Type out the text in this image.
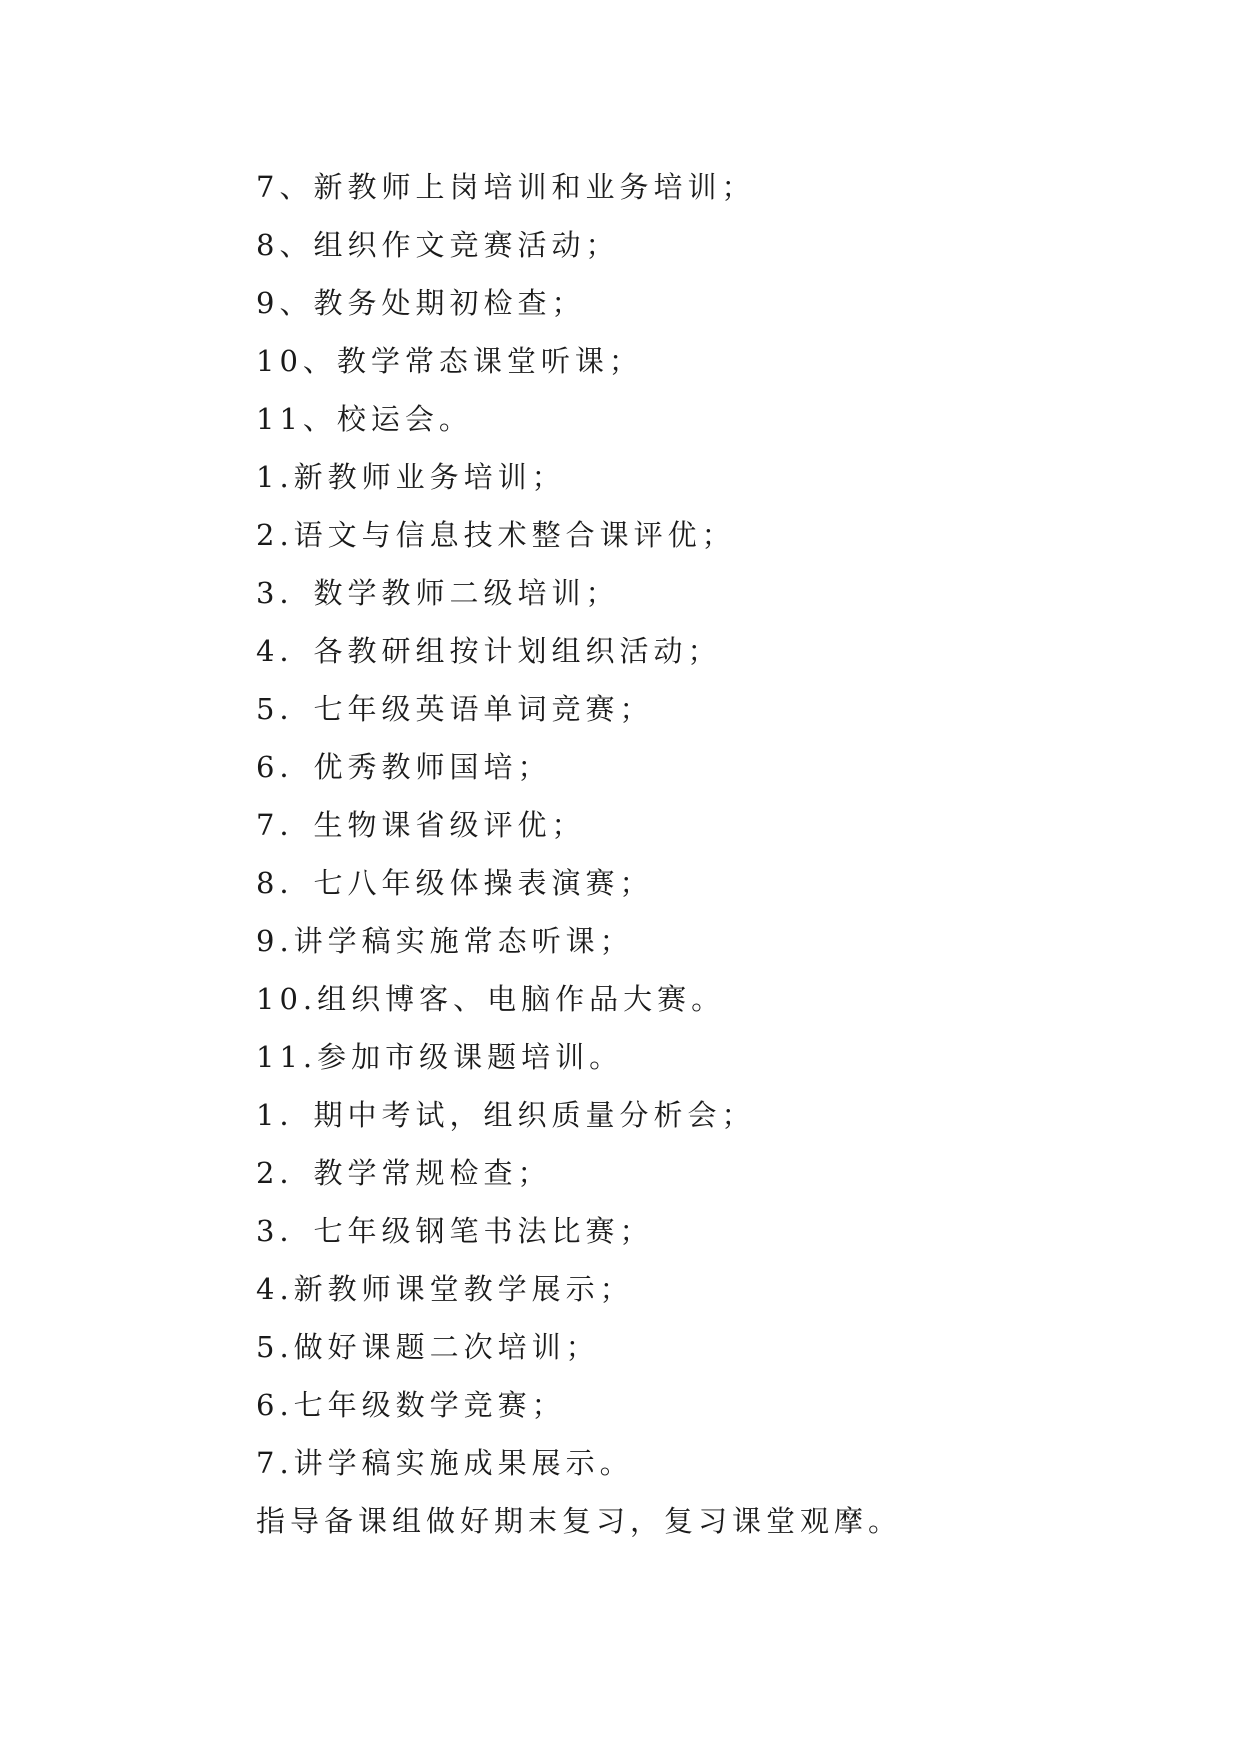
7、新教师上岗培训和业务培训；
8、组织作文竞赛活动；
9、教务处期初检查；
10、教学常态课堂听课；
11、校运会。
1.新教师业务培训；
2.语文与信息技术整合课评优；
3．数学教师二级培训；
4．各教研组按计划组织活动；
5．七年级英语单词竞赛；
6．优秀教师国培；
7．生物课省级评优；
8．七八年级体操表演赛；
9.讲学稿实施常态听课；
10.组织博客、电脑作品大赛。
11.参加市级课题培训。
1．期中考试，组织质量分析会；
2．教学常规检查；
3．七年级钢笔书法比赛；
4.新教师课堂教学展示；
5.做好课题二次培训；
6.七年级数学竞赛；
7.讲学稿实施成果展示。
指导备课组做好期末复习，复习课堂观摩。
